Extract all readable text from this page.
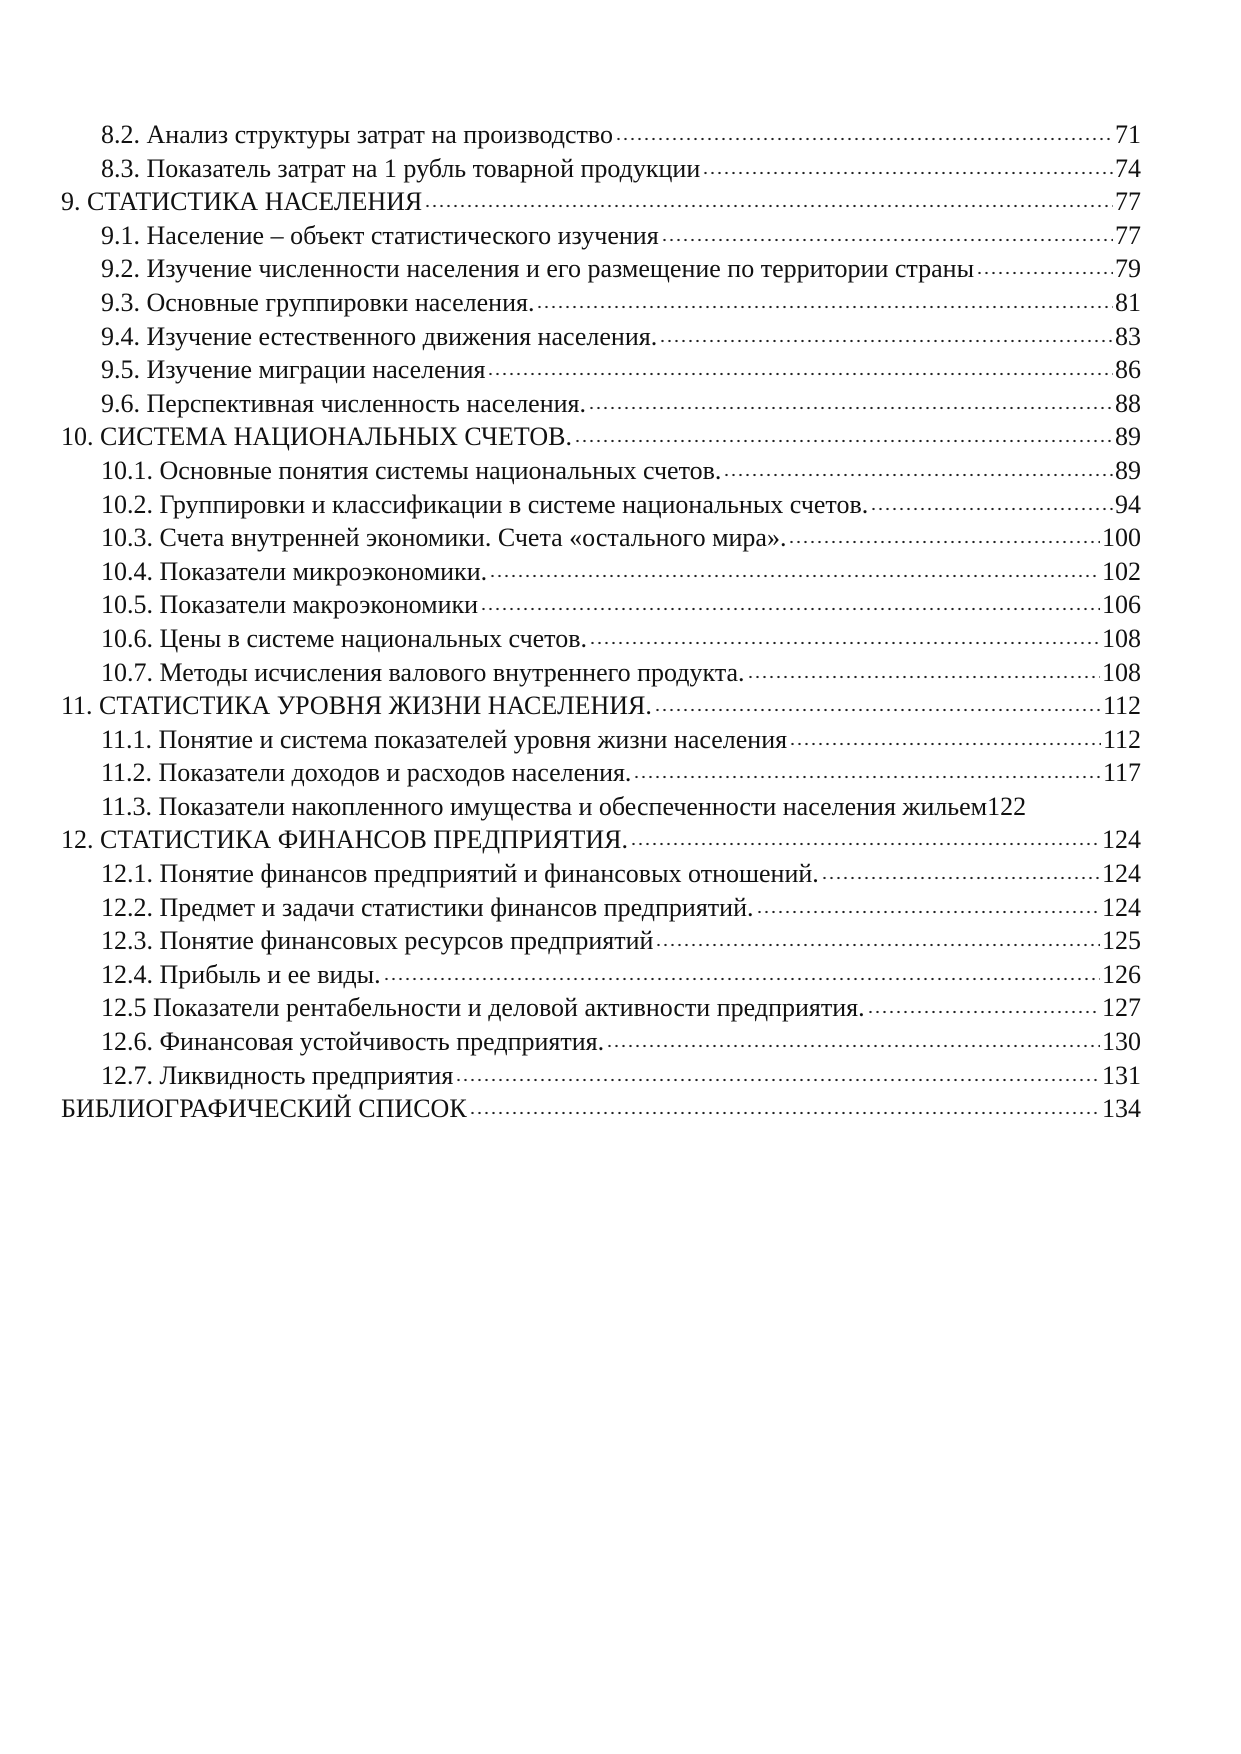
8.2. Анализ структуры затрат на производство	71
8.3. Показатель затрат на 1 рубль товарной продукции	74
9. СТАТИСТИКА НАСЕЛЕНИЯ	77
9.1. Население – объект статистического изучения	77
9.2. Изучение численности населения и его размещение по территории страны	79
9.3. Основные группировки населения.	81
9.4. Изучение естественного движения населения.	83
9.5. Изучение миграции населения	86
9.6. Перспективная численность населения.	88
10. СИСТЕМА НАЦИОНАЛЬНЫХ СЧЕТОВ.	89
10.1. Основные понятия системы национальных счетов.	89
10.2. Группировки и классификации в системе национальных счетов.	94
10.3. Счета внутренней экономики. Счета «остального мира».	100
10.4. Показатели микроэкономики.	102
10.5. Показатели макроэкономики	106
10.6. Цены в системе национальных счетов.	108
10.7. Методы исчисления валового внутреннего продукта.	108
11. СТАТИСТИКА УРОВНЯ ЖИЗНИ НАСЕЛЕНИЯ.	112
11.1. Понятие и система показателей уровня жизни населения	112
11.2. Показатели доходов и расходов населения.	117
11.3. Показатели накопленного имущества и обеспеченности населения жильем 122
12. СТАТИСТИКА ФИНАНСОВ ПРЕДПРИЯТИЯ.	124
12.1. Понятие финансов предприятий и финансовых отношений.	124
12.2. Предмет и задачи статистики финансов предприятий.	124
12.3. Понятие финансовых ресурсов предприятий	125
12.4. Прибыль и ее виды.	126
12.5 Показатели рентабельности и деловой активности предприятия.	127
12.6. Финансовая устойчивость предприятия.	130
12.7. Ликвидность предприятия	131
БИБЛИОГРАФИЧЕСКИЙ СПИСОК	134
